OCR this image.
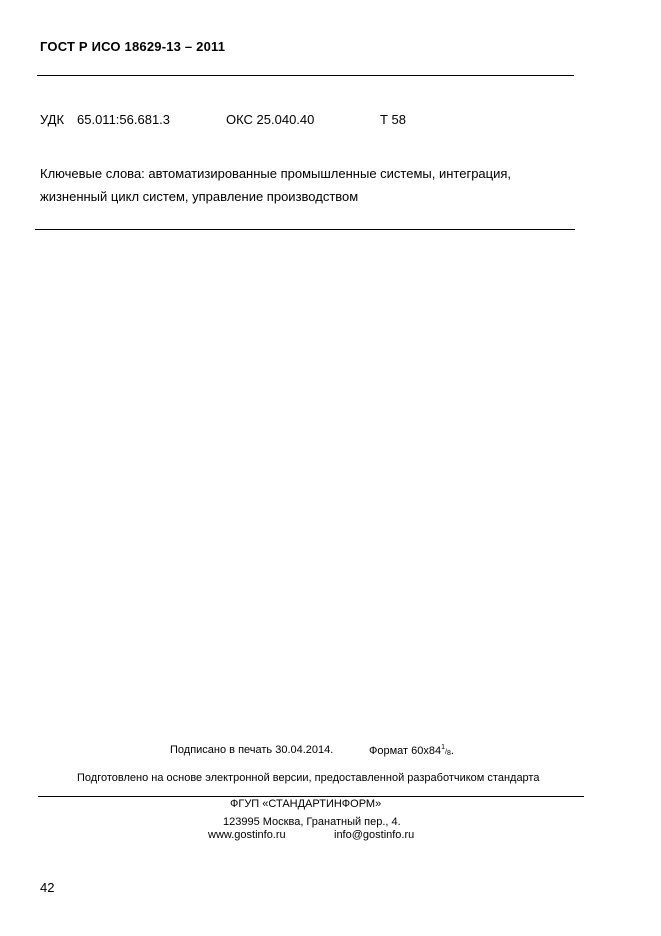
ГОСТ Р ИСО 18629-13 – 2011
УДК 65.011:56.681.3	ОКС 25.040.40	Т 58
Ключевые слова: автоматизированные промышленные системы, интеграция,
жизненный цикл систем, управление производством
Подписано в печать 30.04.2014.	Формат $60x84^1/_8$.
Подготовлено на основе электронной версии, предоставленной разработчиком стандарта
ФГУП «СТАНДАРТИНФОРМ»
123995 Москва, Гранатный пер., 4.
www.gostinfo.ru	info@gostinfo.ru
42
